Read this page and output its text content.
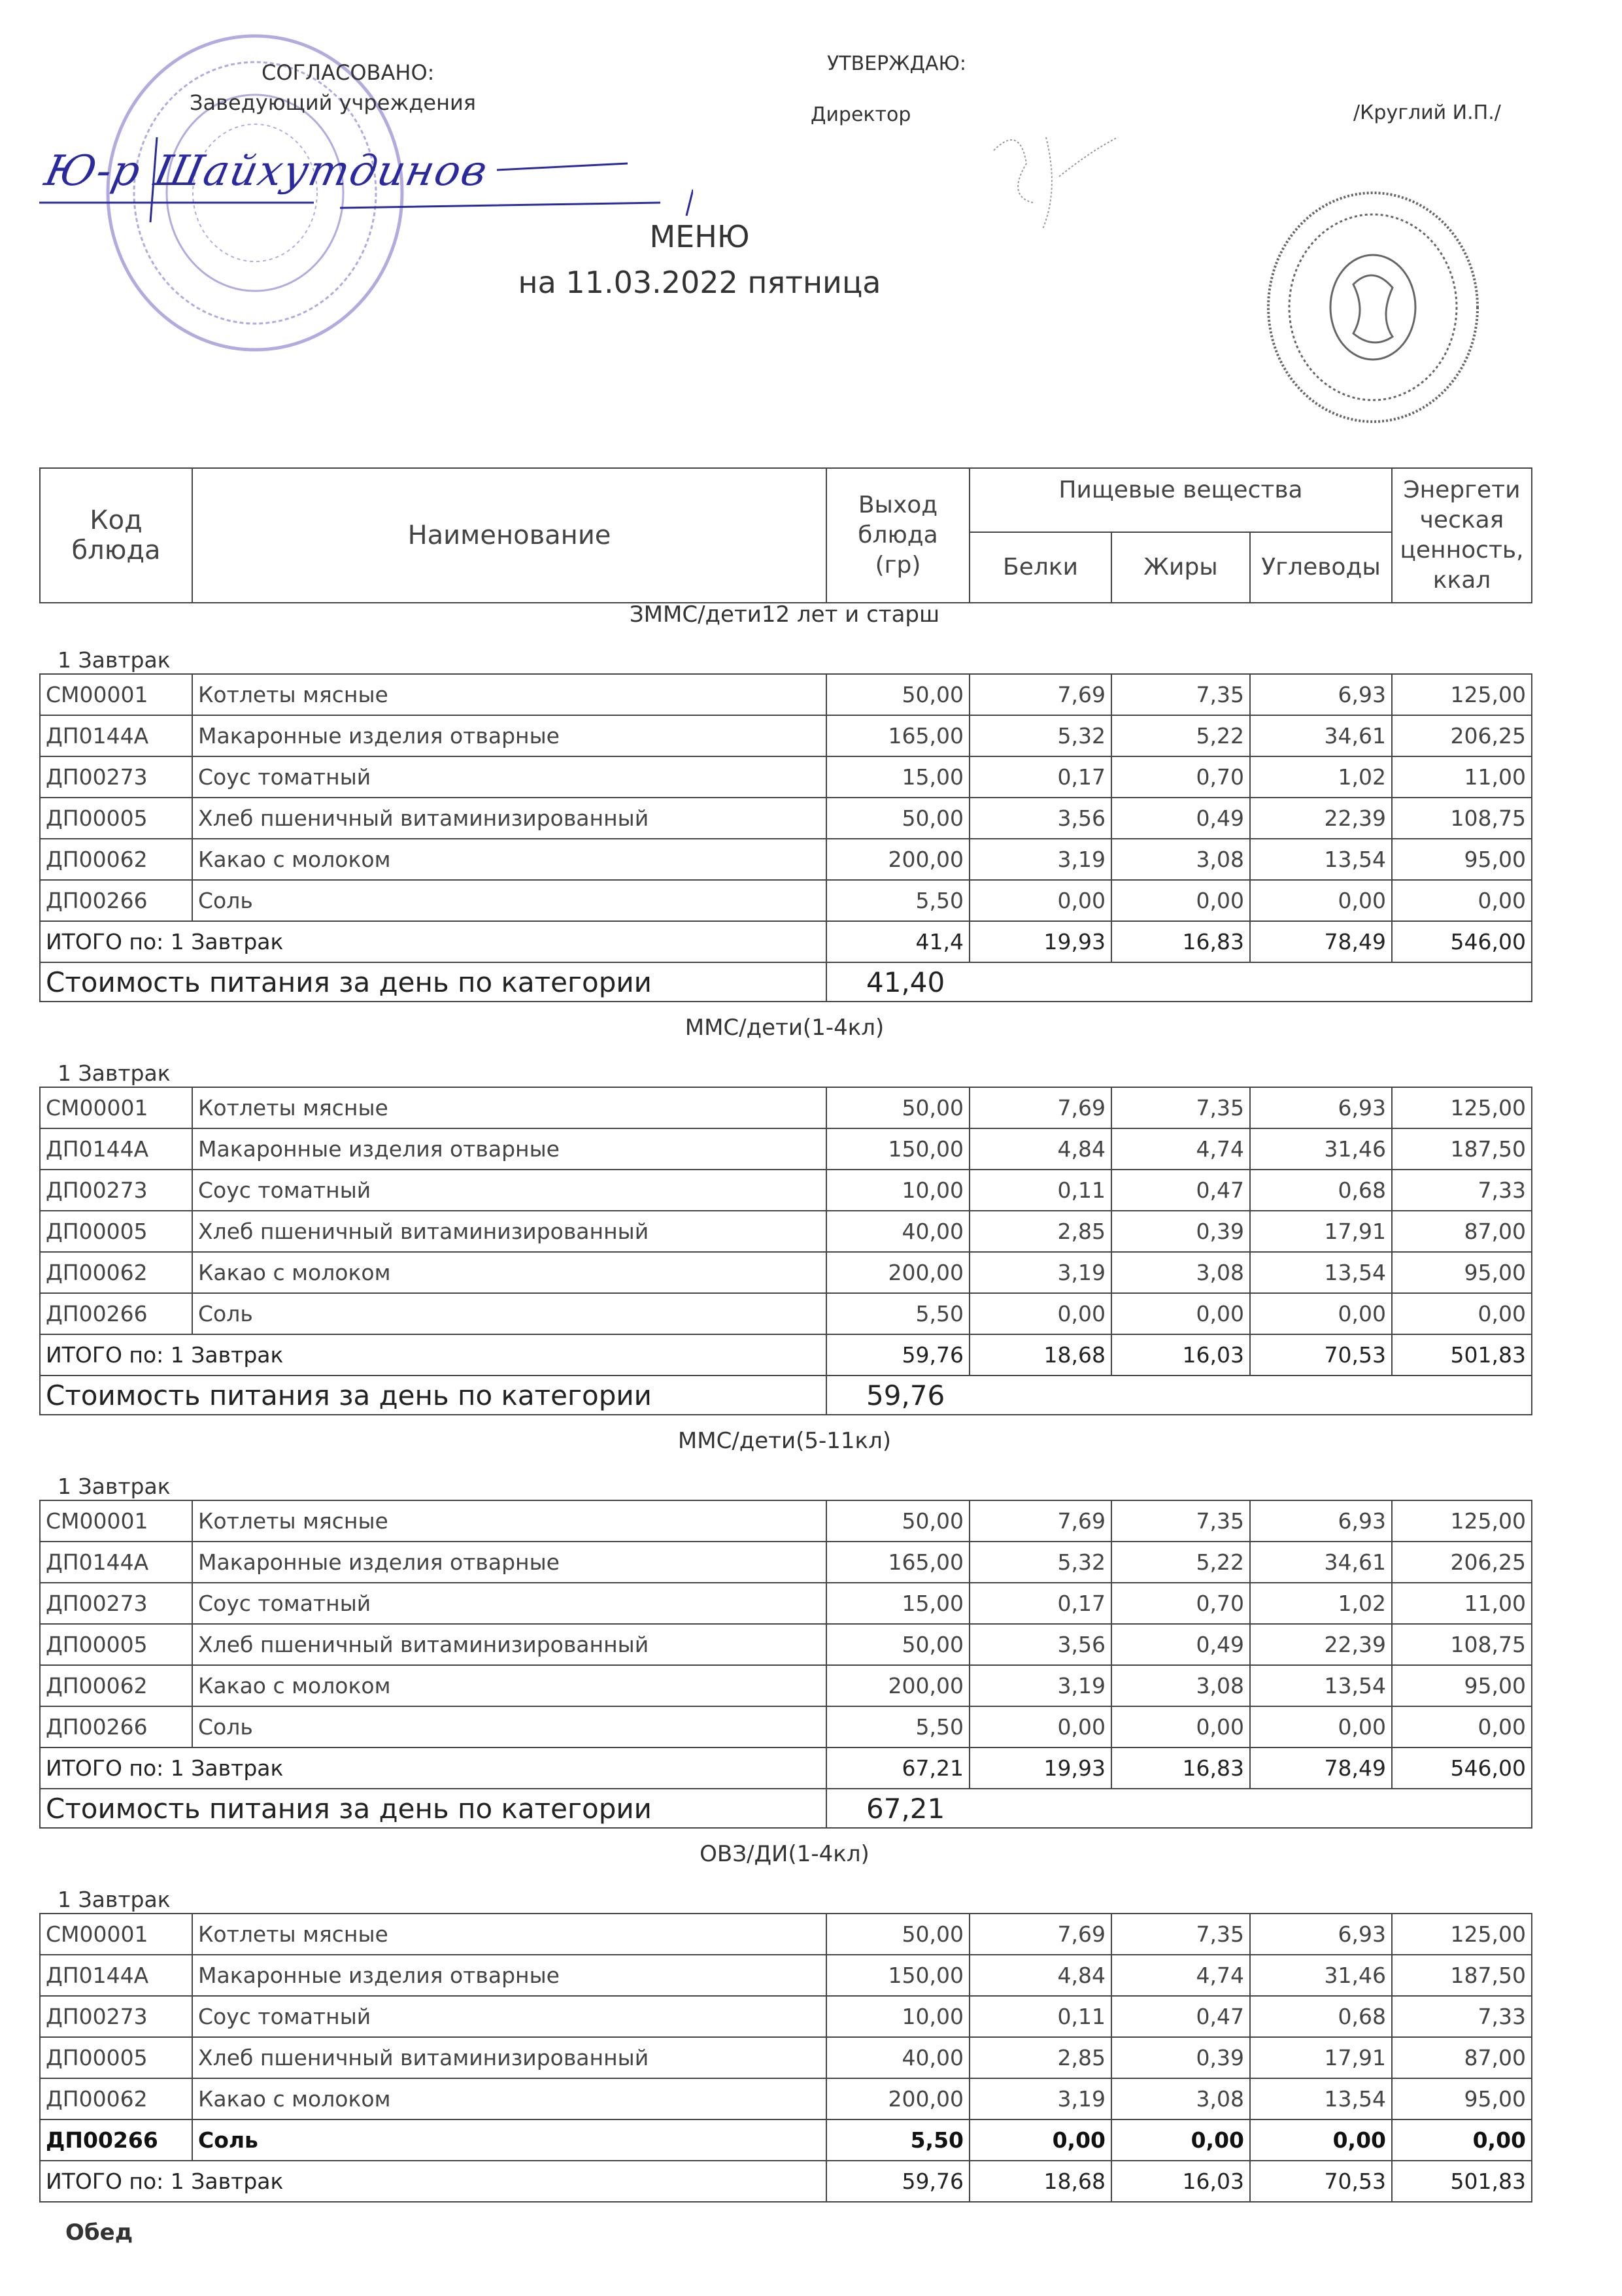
Ю-р Шайхутдинов
СОГЛАСОВАНО:
Заведующий учреждения
УТВЕРЖДАЮ:
Директор	/Круглий И.П./
МЕНЮ
на 11.03.2022 пятница
Код блюда	Наименование	Выход блюда (гр)	Пищевые вещества			Энергети ческая ценность, ккал
			Белки	Жиры	Углеводы	
ЗММС/дети12 лет и старш
1 Завтрак
СМ00001	Котлеты мясные	50,00	7,69	7,35	6,93	125,00
ДП0144А	Макаронные изделия отварные	165,00	5,32	5,22	34,61	206,25
ДП00273	Соус томатный	15,00	0,17	0,70	1,02	11,00
ДП00005	Хлеб пшеничный витаминизированный	50,00	3,56	0,49	22,39	108,75
ДП00062	Какао с молоком	200,00	3,19	3,08	13,54	95,00
ДП00266	Соль	5,50	0,00	0,00	0,00	0,00
ИТОГО по: 1 Завтрак		41,4	19,93	16,83	78,49	546,00
Стоимость питания за день по категории		41,40				
ММС/дети(1-4кл)
1 Завтрак
СМ00001	Котлеты мясные	50,00	7,69	7,35	6,93	125,00
ДП0144А	Макаронные изделия отварные	150,00	4,84	4,74	31,46	187,50
ДП00273	Соус томатный	10,00	0,11	0,47	0,68	7,33
ДП00005	Хлеб пшеничный витаминизированный	40,00	2,85	0,39	17,91	87,00
ДП00062	Какао с молоком	200,00	3,19	3,08	13,54	95,00
ДП00266	Соль	5,50	0,00	0,00	0,00	0,00
ИТОГО по: 1 Завтрак		59,76	18,68	16,03	70,53	501,83
Стоимость питания за день по категории		59,76				
ММС/дети(5-11кл)
1 Завтрак
СМ00001	Котлеты мясные	50,00	7,69	7,35	6,93	125,00
ДП0144А	Макаронные изделия отварные	165,00	5,32	5,22	34,61	206,25
ДП00273	Соус томатный	15,00	0,17	0,70	1,02	11,00
ДП00005	Хлеб пшеничный витаминизированный	50,00	3,56	0,49	22,39	108,75
ДП00062	Какао с молоком	200,00	3,19	3,08	13,54	95,00
ДП00266	Соль	5,50	0,00	0,00	0,00	0,00
ИТОГО по: 1 Завтрак		67,21	19,93	16,83	78,49	546,00
Стоимость питания за день по категории		67,21				
ОВЗ/ДИ(1-4кл)
1 Завтрак
СМ00001	Котлеты мясные	50,00	7,69	7,35	6,93	125,00
ДП0144А	Макаронные изделия отварные	150,00	4,84	4,74	31,46	187,50
ДП00273	Соус томатный	10,00	0,11	0,47	0,68	7,33
ДП00005	Хлеб пшеничный витаминизированный	40,00	2,85	0,39	17,91	87,00
ДП00062	Какао с молоком	200,00	3,19	3,08	13,54	95,00
ДП00266	Соль	5,50	0,00	0,00	0,00	0,00
ИТОГО по: 1 Завтрак		59,76	18,68	16,03	70,53	501,83
Обед
